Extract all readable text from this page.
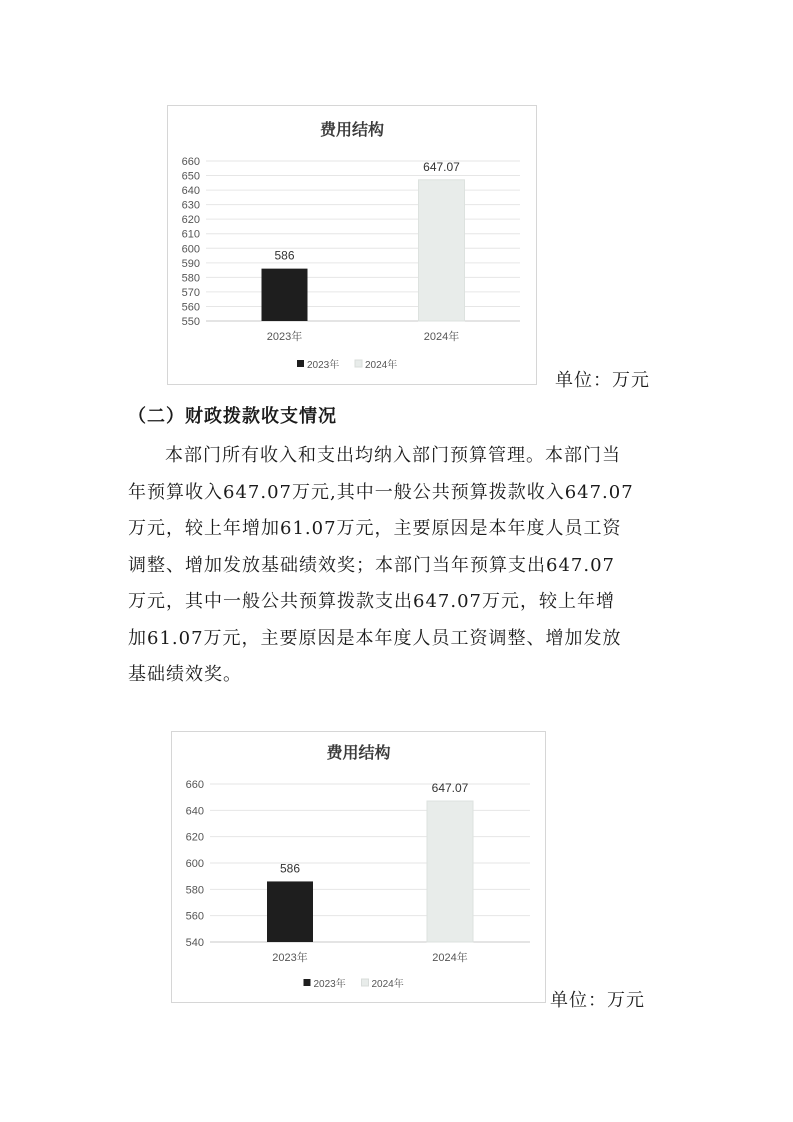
费用结构
550
560
570
580
590
600
610
620
630
640
650
660
586
2023年
647.07
2024年
2023年	2024年
单位：万元
（二）财政拨款收支情况

本部门所有收入和支出均纳入部门预算管理。本部门当
年预算收入647.07万元,其中一般公共预算拨款收入647.07
万元，较上年增加61.07万元，主要原因是本年度人员工资
调整、增加发放基础绩效奖；本部门当年预算支出647.07
万元，其中一般公共预算拨款支出647.07万元，较上年增
加61.07万元，主要原因是本年度人员工资调整、增加发放
基础绩效奖。

费用结构
540
560
580
600
620
640
660
586
2023年
647.07
2024年
2023年	2024年
单位：万元
